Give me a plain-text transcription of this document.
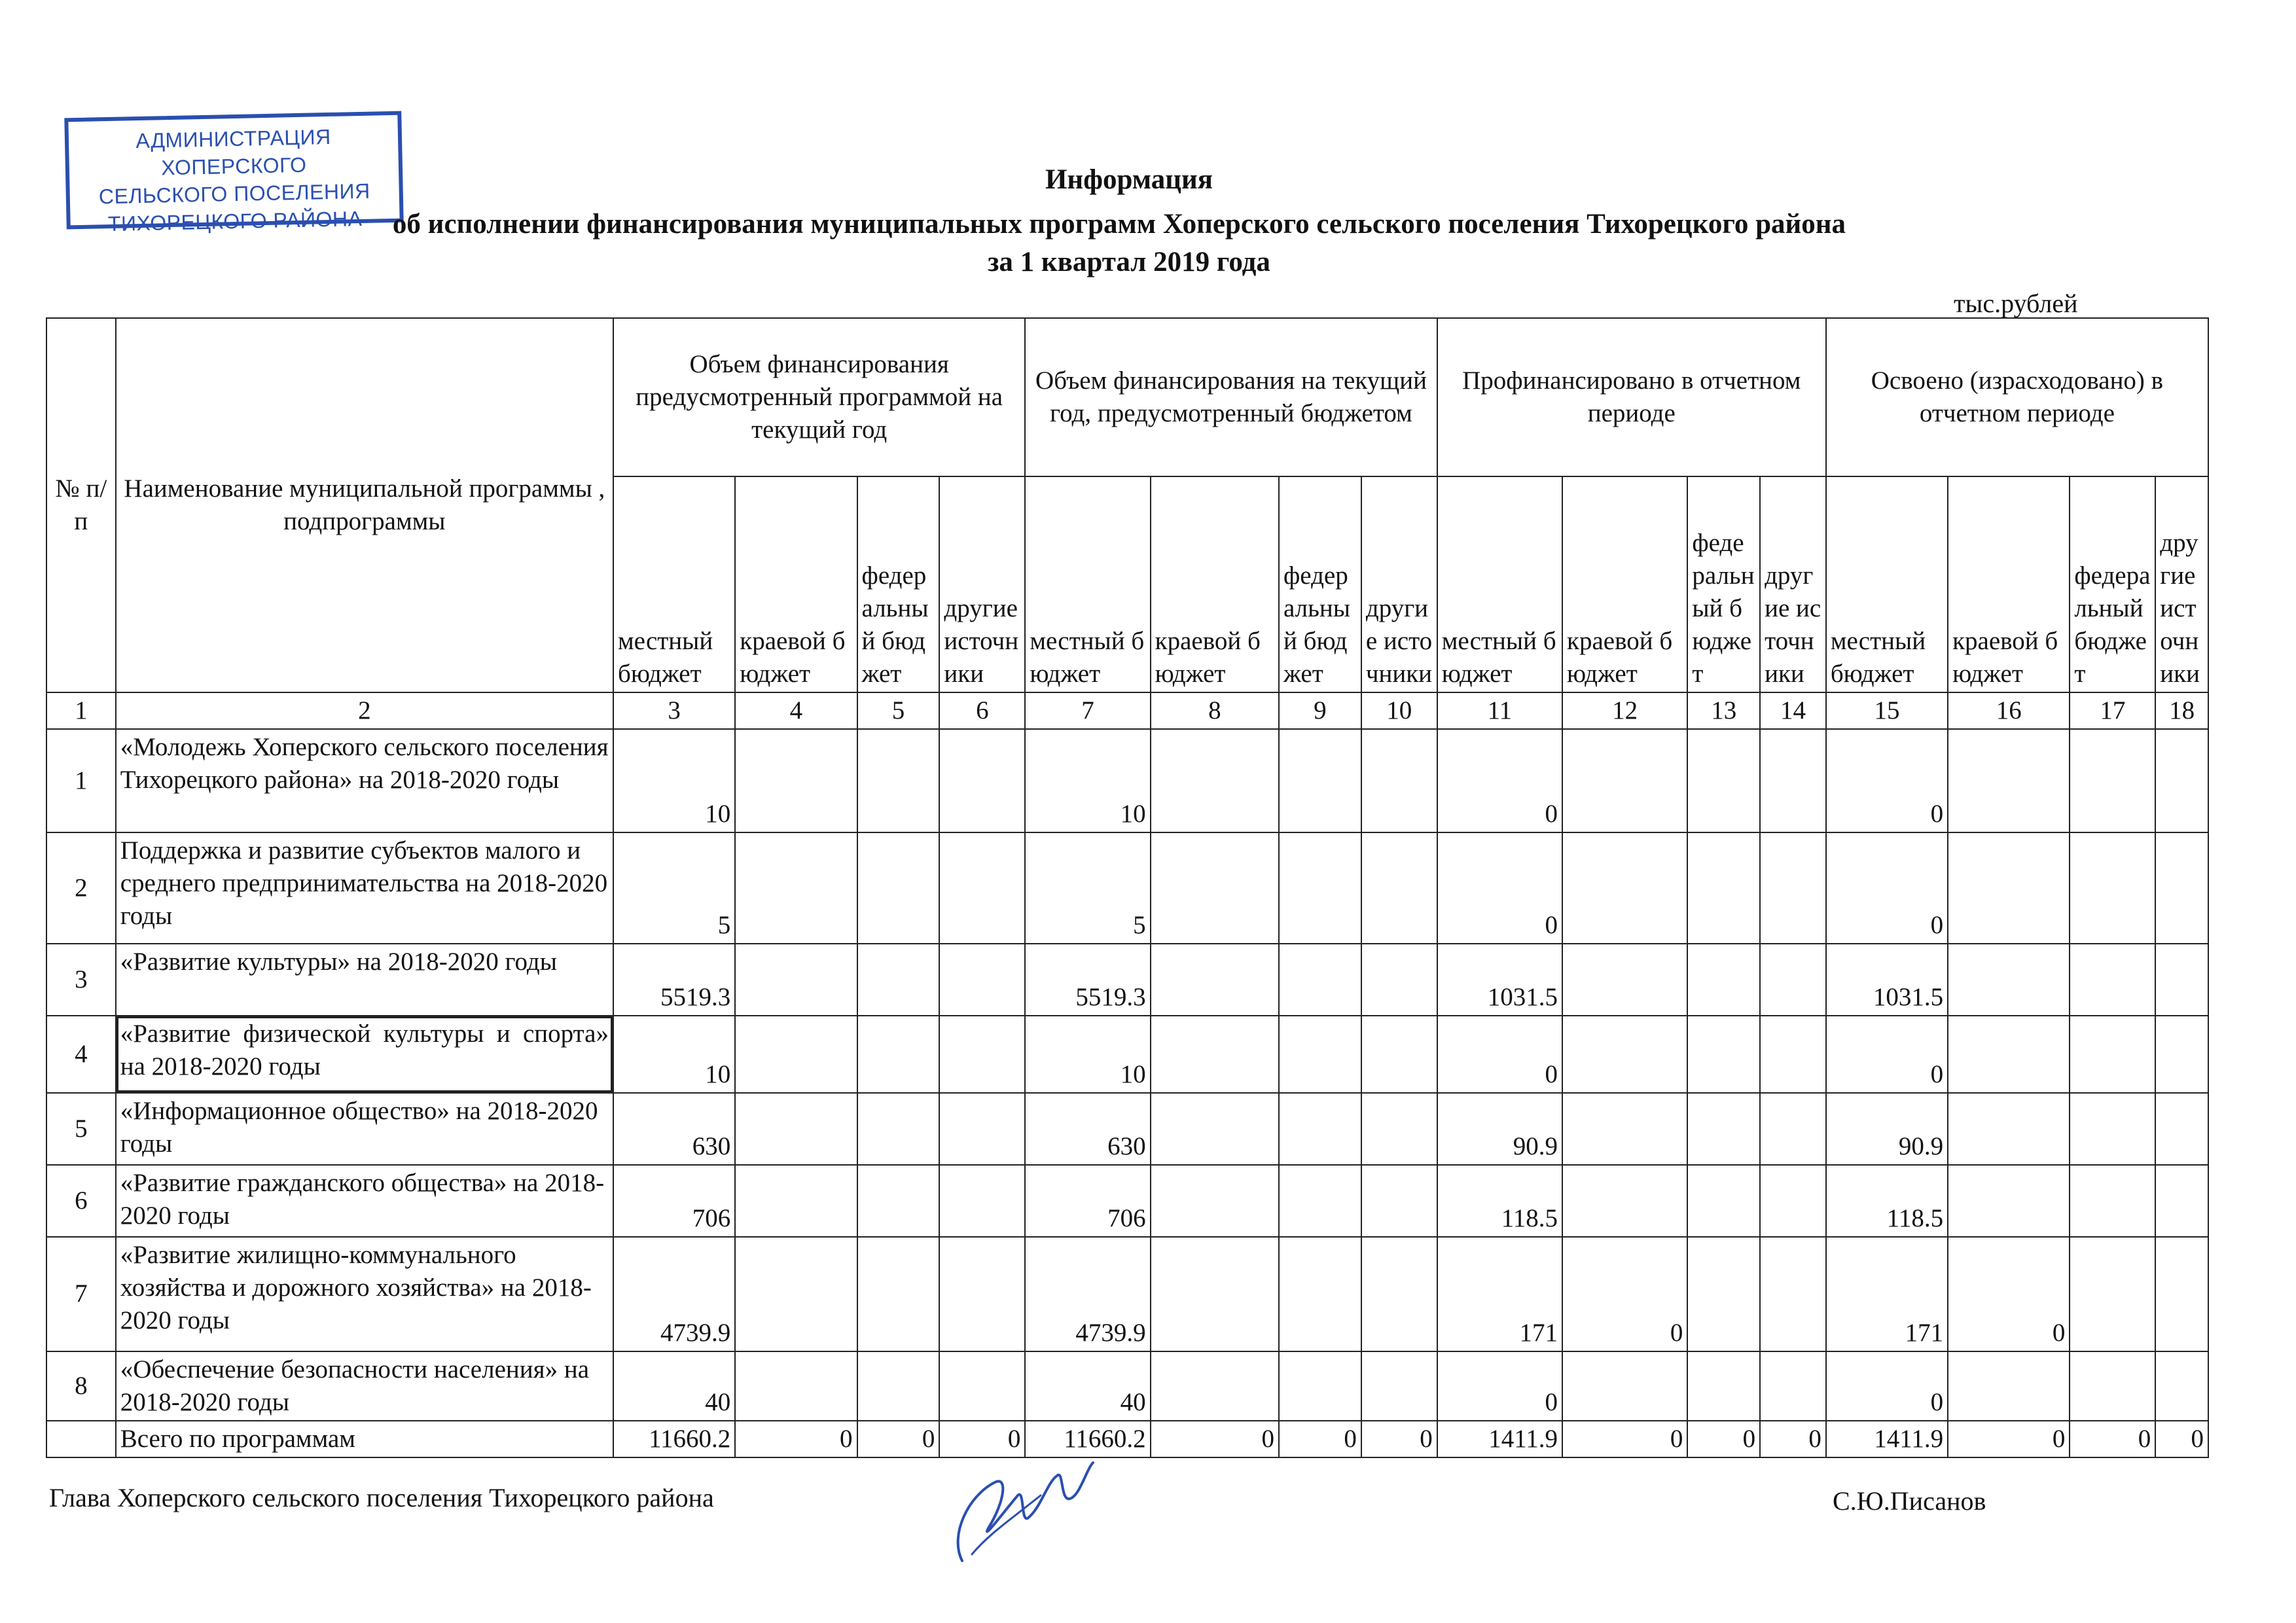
АДМИНИСТРАЦИЯ ХОПЕРСКОГО
СЕЛЬСКОГО ПОСЕЛЕНИЯ
ТИХОРЕЦКОГО РАЙОНА
Информация
об исполнении финансирования муниципальных программ Хоперского сельского поселения Тихорецкого района
за 1 квартал 2019 года
тыс.рублей
№ п/п	Наименование муниципальной программы , подпрограммы	Объем финансирования предусмотренный программой на текущий год				Объем финансирования на текущий год, предусмотренный бюджетом				Профинансировано в отчетном периоде				Освоено (израсходовано) в отчетном периоде			
		местный бюджет	краевой бюджет	федеральный бюджет	другие источники	местный бюджет	краевой бюджет	федеральный бюджет	другие источники	местный бюджет	краевой бюджет	федеральный бюджет	другие источники	местный бюджет	краевой бюджет	федеральный бюджет	другие источники
1	2	3	4	5	6	7	8	9	10	11	12	13	14	15	16	17	18
1	«Молодежь Хоперского сельского поселения Тихорецкого района» на 2018-2020 годы	10				10				0				0			
2	Поддержка и развитие субъектов малого и среднего предпринимательства на 2018-2020 годы	5				5				0				0			
3	«Развитие культуры» на 2018-2020 годы	5519.3				5519.3				1031.5				1031.5			
4	«Развитие физической культуры и спорта» на 2018-2020 годы	10				10				0				0			
5	«Информационное общество» на 2018-2020 годы	630				630				90.9				90.9			
6	«Развитие гражданского общества» на 2018-2020 годы	706				706				118.5				118.5			
7	«Развитие жилищно-коммунального хозяйства и дорожного хозяйства» на 2018-2020 годы	4739.9				4739.9				171	0			171	0		
8	«Обеспечение безопасности населения» на 2018-2020 годы	40				40				0				0			
	Всего по программам	11660.2	0	0	0	11660.2	0	0	0	1411.9	0	0	0	1411.9	0	0	0
Глава Хоперского сельского поселения Тихорецкого района	С.Ю.Писанов
